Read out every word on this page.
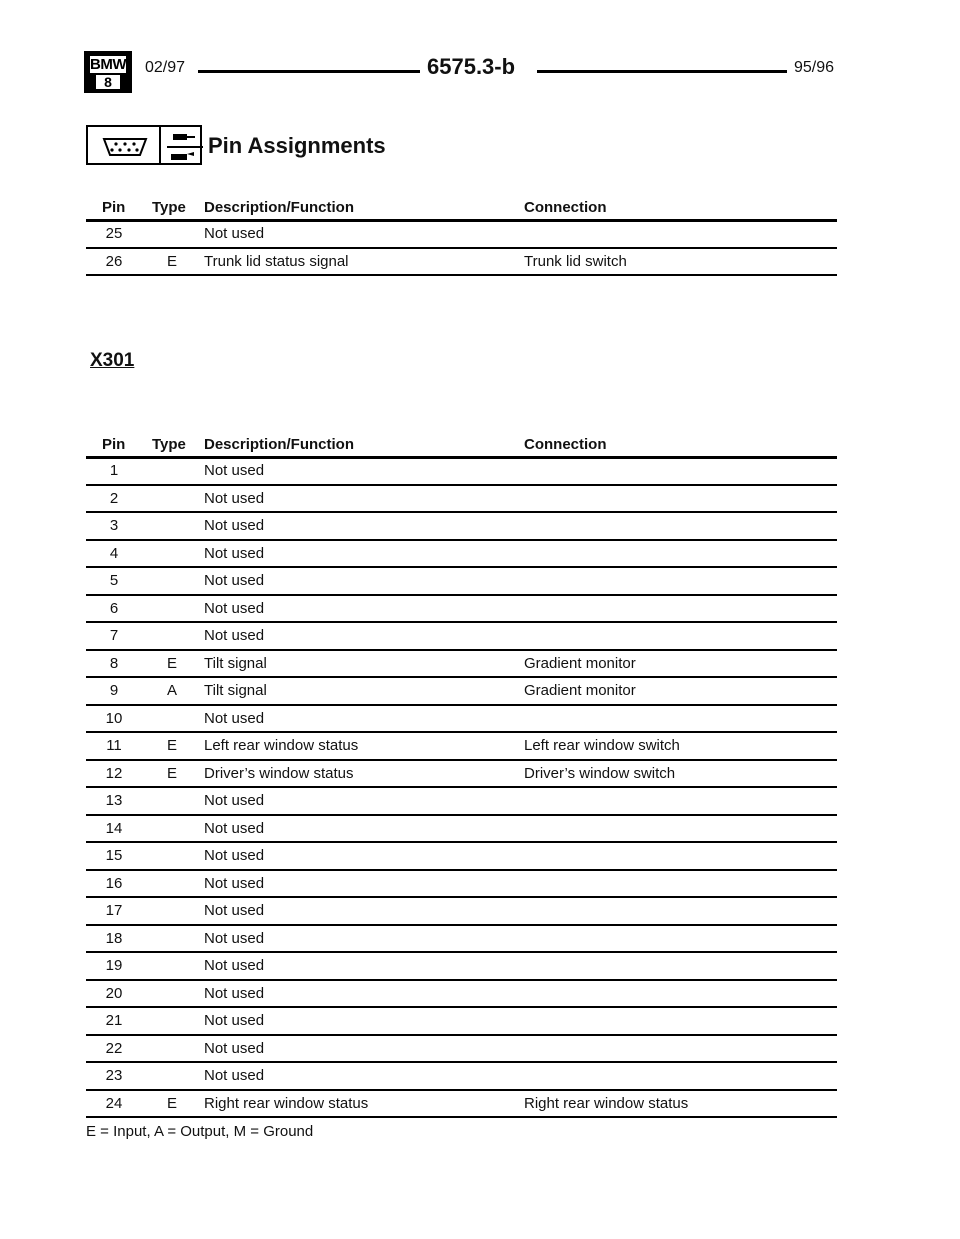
BMW
8
02/97	6575.3-b	95/96
Pin Assignments
Pin Type Description/Function	Connection
25	Not used
26	E	Trunk lid status signal	Trunk lid switch
X301
Pin Type Description/Function	Connection
1	Not used
2	Not used
3	Not used
4	Not used
5	Not used
6	Not used
7	Not used
8	E	Tilt signal	Gradient monitor
9	A	Tilt signal	Gradient monitor
10	Not used
11	E	Left rear window status	Left rear window switch
12	E	Driver’s window status	Driver’s window switch
13	Not used
14	Not used
15	Not used
16	Not used
17	Not used
18	Not used
19	Not used
20	Not used
21	Not used
22	Not used
23	Not used
24	E	Right rear window status	Right rear window status
E = Input, A = Output, M = Ground
